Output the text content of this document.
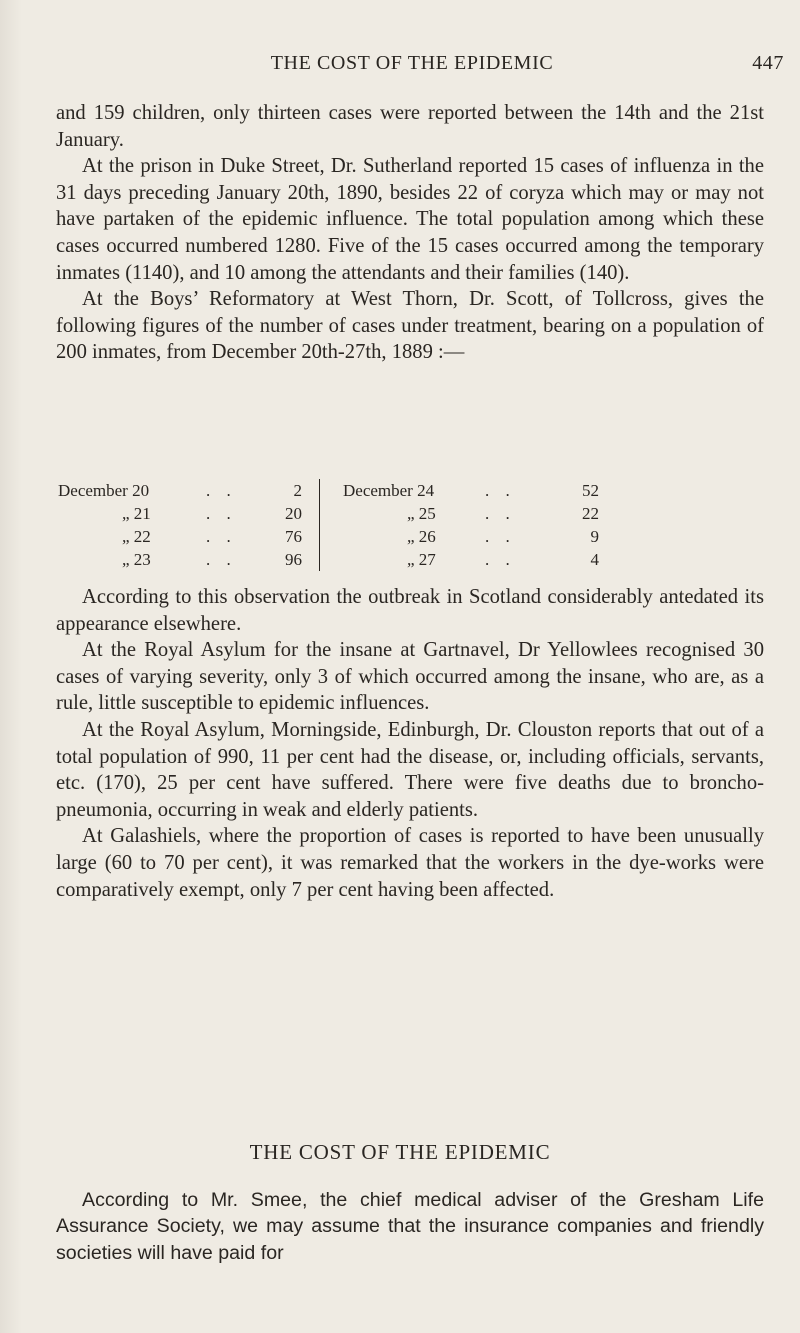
THE COST OF THE EPIDEMIC	447

and 159 children, only thirteen cases were reported between the 14th and the 21st January.

At the prison in Duke Street, Dr. Sutherland reported 15 cases of influenza in the 31 days preceding January 20th, 1890, besides 22 of coryza which may or may not have partaken of the epidemic influence. The total population among which these cases occurred numbered 1280. Five of the 15 cases occurred among the temporary inmates (1140), and 10 among the attendants and their families (140).

At the Boys’ Reformatory at West Thorn, Dr. Scott, of Tollcross, gives the following figures of the number of cases under treatment, bearing on a population of 200 inmates, from December 20th-27th, 1889 :—

December 20	. .	2
„ 21	. .	20
„ 22	. .	76
„ 23	. .	96
December 24	. .	52
„ 25	. .	22
„ 26	. .	9
„ 27	. .	4

According to this observation the outbreak in Scotland considerably antedated its appearance elsewhere.

At the Royal Asylum for the insane at Gartnavel, Dr Yellowlees recognised 30 cases of varying severity, only 3 of which occurred among the insane, who are, as a rule, little susceptible to epidemic influences.

At the Royal Asylum, Morningside, Edinburgh, Dr. Clouston reports that out of a total population of 990, 11 per cent had the disease, or, including officials, servants, etc. (170), 25 per cent have suffered. There were five deaths due to broncho-pneumonia, occurring in weak and elderly patients.

At Galashiels, where the proportion of cases is reported to have been unusually large (60 to 70 per cent), it was remarked that the workers in the dye-works were comparatively exempt, only 7 per cent having been affected.

THE COST OF THE EPIDEMIC

According to Mr. Smee, the chief medical adviser of the Gresham Life Assurance Society, we may assume that the insurance companies and friendly societies will have paid for
